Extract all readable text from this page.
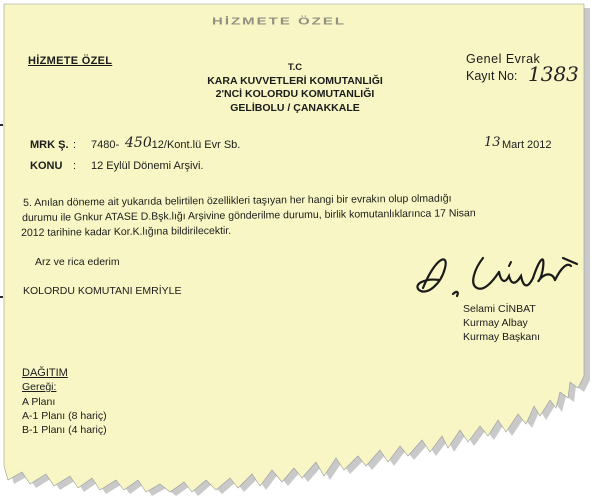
HİZMETE ÖZEL
HİZMETE ÖZEL	Genel Evrak
Kayıt No: 1383
T.C
KARA KUVVETLERİ KOMUTANLIĞI
2'NCİ KOLORDU KOMUTANLIĞI
GELİBOLU / ÇANAKKALE
MRK Ş. : 7480- 450
-12/Kont.lü Evr Sb.	13 Mart 2012
KONU : 12 Eylül Dönemi Arşivi.
5. Anılan döneme ait yukarıda belirtilen özellikleri taşıyan her hangi bir evrakın olup olmadığı
durumu ile Gnkur ATASE D.Bşk.lığı Arşivine gönderilme durumu, birlik komutanlıklarınca 17 Nisan
2012 tarihine kadar Kor.K.lığına bildirilecektir.
Arz ve rica ederim
KOLORDU KOMUTANI EMRİYLE
Selami CİNBAT
Kurmay Albay
Kurmay Başkanı
DAĞITIM
Gereği:
A Planı
A-1 Planı (8 hariç)
B-1 Planı (4 hariç)
